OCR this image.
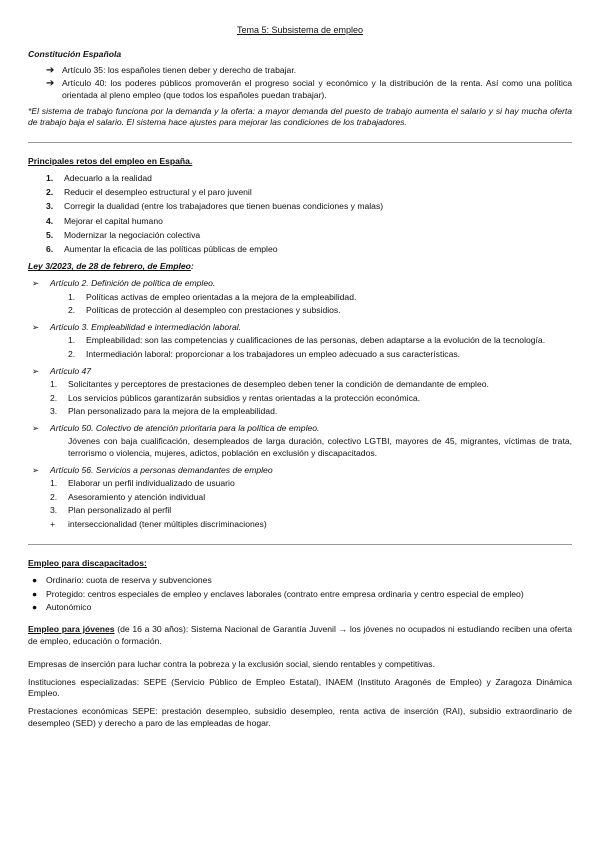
Tema 5: Subsistema de empleo
Constitución Española
➔ Artículo 35: los españoles tienen deber y derecho de trabajar.
➔ Artículo 40: los poderes públicos promoverán el progreso social y económico y la distribución de la renta. Así como una política orientada al pleno empleo (que todos los españoles puedan trabajar).
*El sistema de trabajo funciona por la demanda y la oferta: a mayor demanda del puesto de trabajo aumenta el salario y si hay mucha oferta de trabajo baja el salario. El sistema hace ajustes para mejorar las condiciones de los trabajadores.
Principales retos del empleo en España.
1.	Adecuarlo a la realidad
2.	Reducir el desempleo estructural y el paro juvenil
3.	Corregir la dualidad (entre los trabajadores que tienen buenas condiciones y malas)
4.	Mejorar el capital humano
5.	Modernizar la negociación colectiva
6.	Aumentar la eficacia de las políticas públicas de empleo
Ley 3/2023, de 28 de febrero, de Empleo:
➢	Artículo 2. Definición de política de empleo.
1.	Políticas activas de empleo orientadas a la mejora de la empleabilidad.
2.	Políticas de protección al desempleo con prestaciones y subsidios.
➢	Artículo 3. Empleabilidad e intermediación laboral.
1.	Empleabilidad: son las competencias y cualificaciones de las personas, deben adaptarse a la evolución de la tecnología.
2.	Intermediación laboral: proporcionar a los trabajadores un empleo adecuado a sus características.
➢	Artículo 47
1.	Solicitantes y perceptores de prestaciones de desempleo deben tener la condición de demandante de empleo.
2.	Los servicios públicos garantizarán subsidios y rentas orientadas a la protección económica.
3.	Plan personalizado para la mejora de la empleabilidad.
➢	Artículo 50. Colectivo de atención prioritaria para la política de empleo.
Jóvenes con baja cualificación, desempleados de larga duración, colectivo LGTBI, mayores de 45, migrantes, víctimas de trata, terrorismo o violencia, mujeres, adictos, población en exclusión y discapacitados.
➢	Artículo 56. Servicios a personas demandantes de empleo
1.	Elaborar un perfil individualizado de usuario
2.	Asesoramiento y atención individual
3.	Plan personalizado al perfil
+	interseccionalidad (tener múltiples discriminaciones)
Empleo para discapacitados:
●	Ordinario: cuota de reserva y subvenciones
●	Protegido: centros especiales de empleo y enclaves laborales (contrato entre empresa ordinaria y centro especial de empleo)
●	Autonómico
Empleo para jóvenes (de 16 a 30 años): Sistema Nacional de Garantía Juvenil → los jóvenes no ocupados ni estudiando reciben una oferta de empleo, educación o formación.
Empresas de inserción para luchar contra la pobreza y la exclusión social, siendo rentables y competitivas.
Instituciones especializadas: SEPE (Servicio Público de Empleo Estatal), INAEM (Instituto Aragonés de Empleo) y Zaragoza Dinámica Empleo.
Prestaciones económicas SEPE: prestación desempleo, subsidio desempleo, renta activa de inserción (RAI), subsidio extraordinario de desempleo (SED) y derecho a paro de las empleadas de hogar.
